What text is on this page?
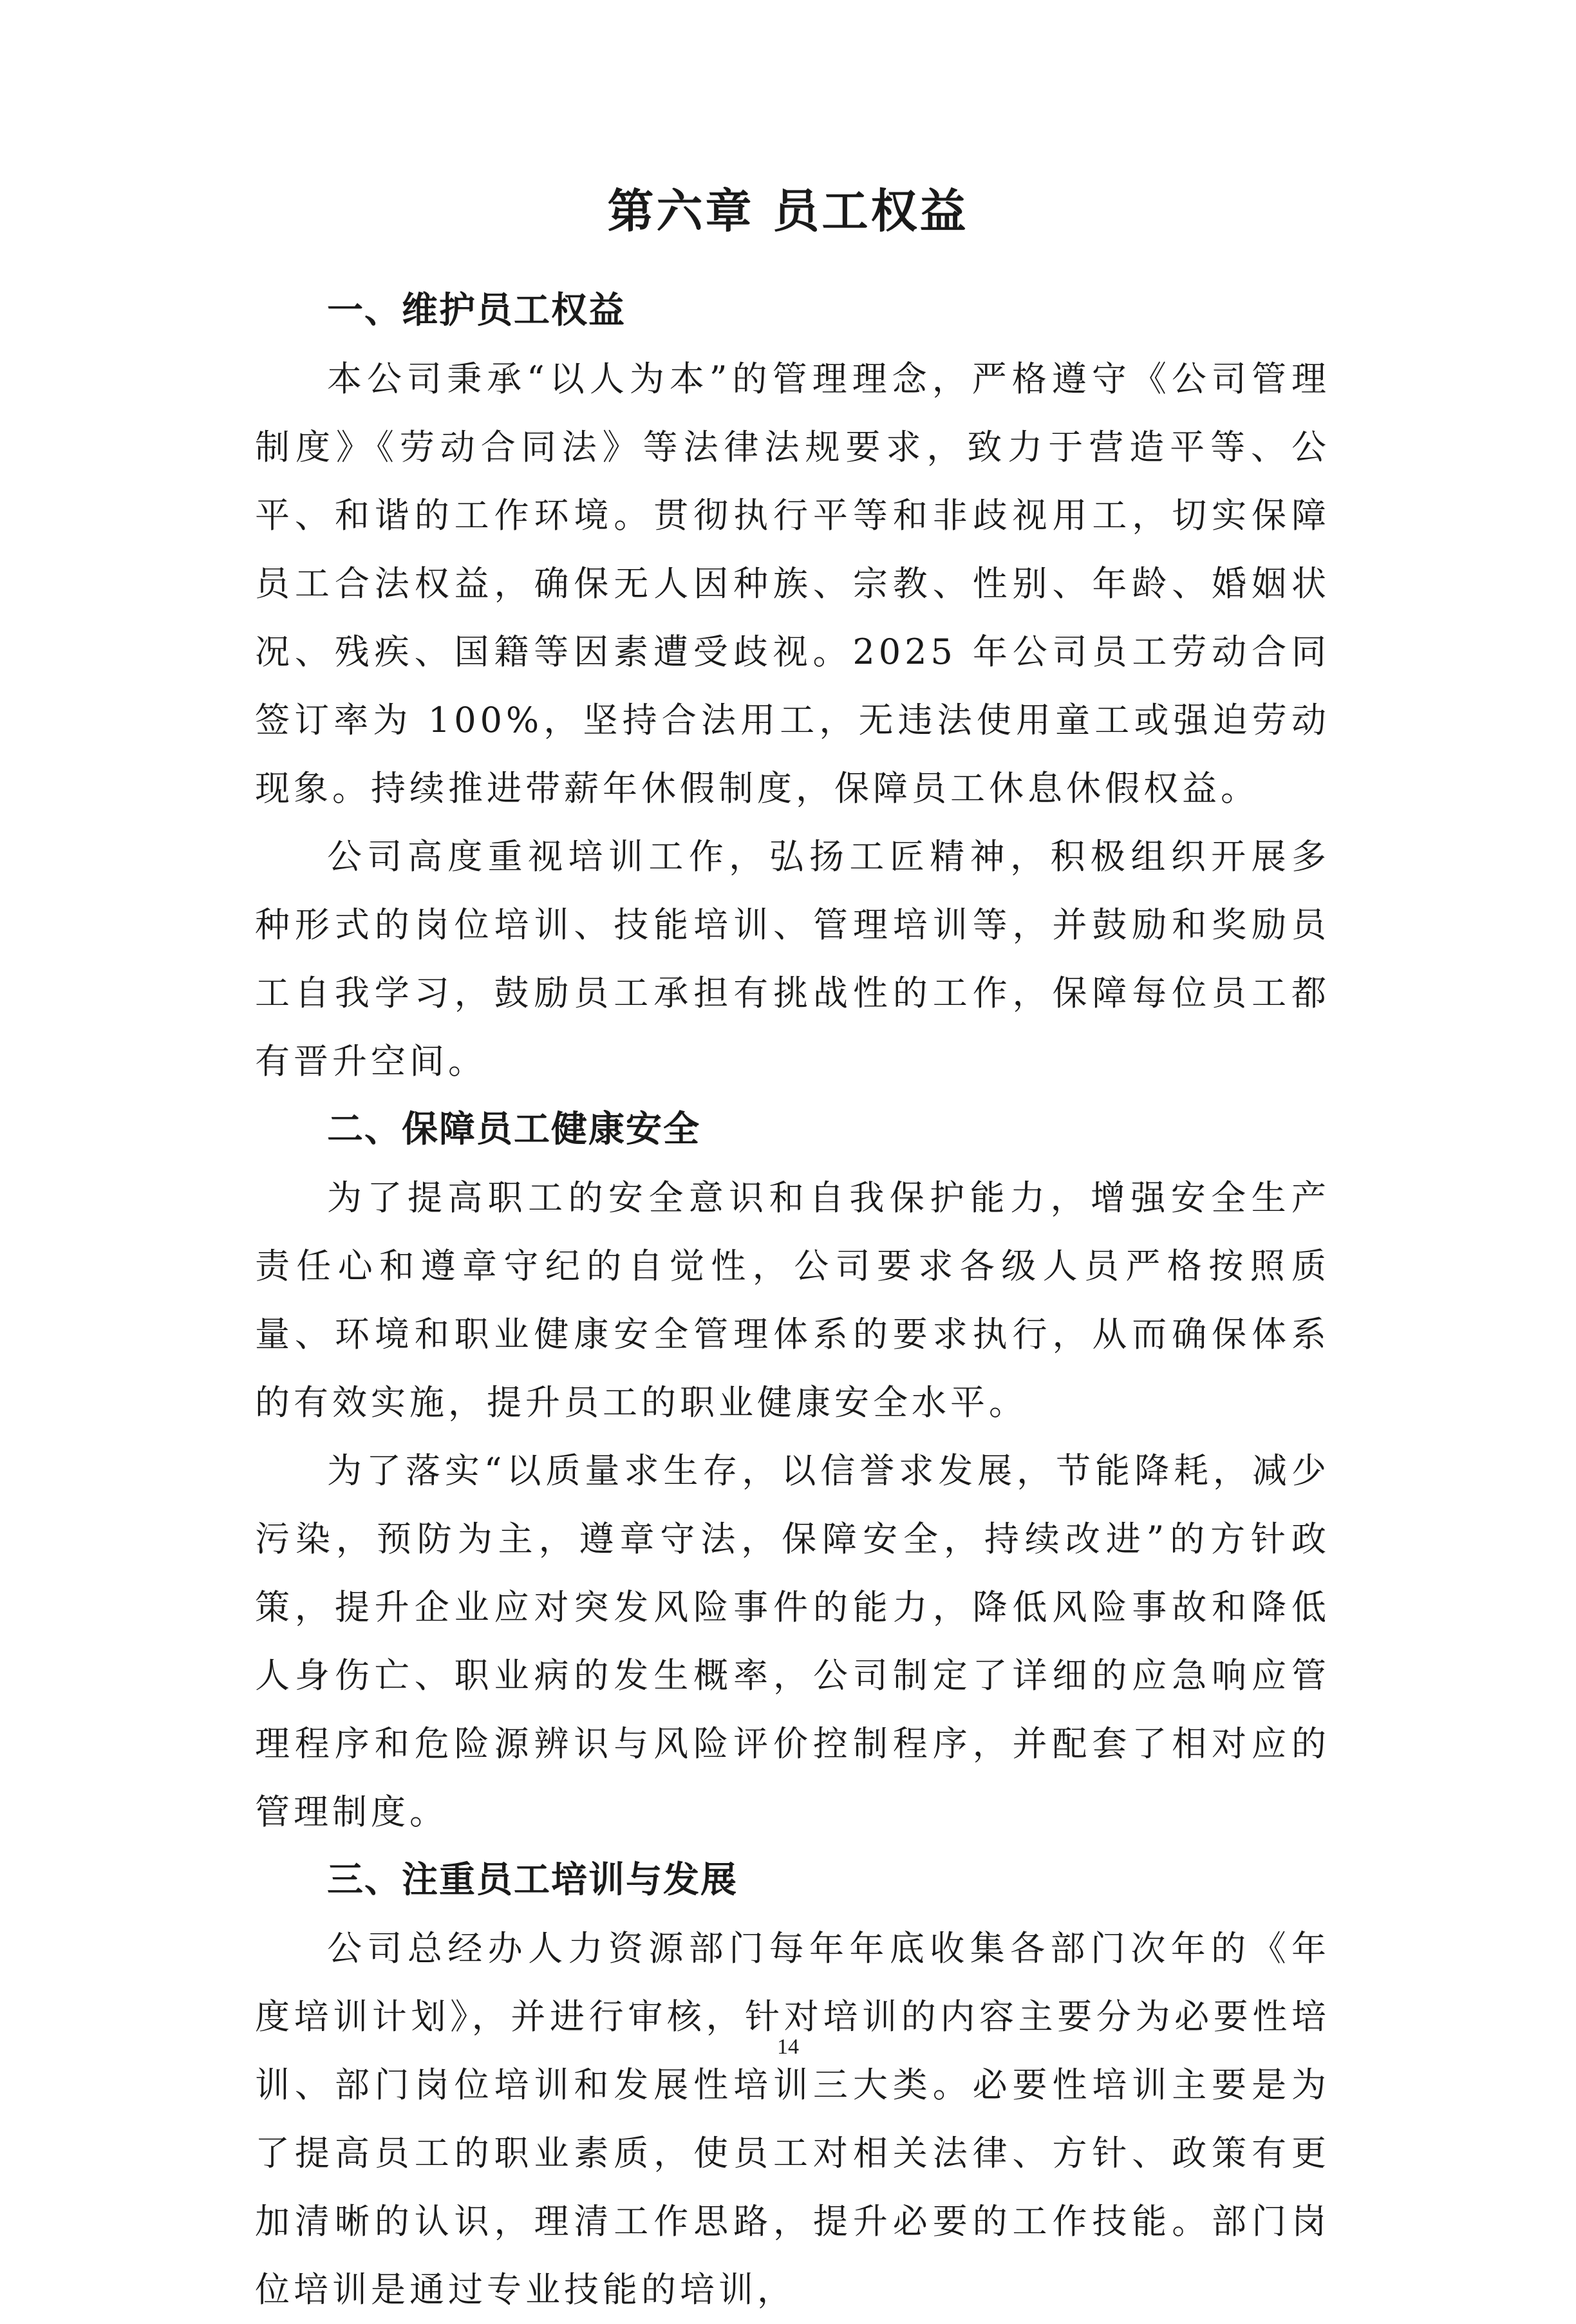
第六章 员工权益
一、维护员工权益

本公司秉承“以人为本”的管理理念，严格遵守《公司管理制度》《劳动合同法》等法律法规要求，致力于营造平等、公平、和谐的工作环境。贯彻执行平等和非歧视用工，切实保障员工合法权益，确保无人因种族、宗教、性别、年龄、婚姻状况、残疾、国籍等因素遭受歧视。2025 年公司员工劳动合同签订率为 100%，坚持合法用工，无违法使用童工或强迫劳动现象。持续推进带薪年休假制度，保障员工休息休假权益。

公司高度重视培训工作，弘扬工匠精神，积极组织开展多种形式的岗位培训、技能培训、管理培训等，并鼓励和奖励员工自我学习，鼓励员工承担有挑战性的工作，保障每位员工都有晋升空间。

二、保障员工健康安全

为了提高职工的安全意识和自我保护能力，增强安全生产责任心和遵章守纪的自觉性，公司要求各级人员严格按照质量、环境和职业健康安全管理体系的要求执行，从而确保体系的有效实施，提升员工的职业健康安全水平。

为了落实“以质量求生存，以信誉求发展，节能降耗，减少污染，预防为主，遵章守法，保障安全，持续改进”的方针政策，提升企业应对突发风险事件的能力，降低风险事故和降低人身伤亡、职业病的发生概率，公司制定了详细的应急响应管理程序和危险源辨识与风险评价控制程序，并配套了相对应的管理制度。

三、注重员工培训与发展

公司总经办人力资源部门每年年底收集各部门次年的《年度培训计划》，并进行审核，针对培训的内容主要分为必要性培训、部门岗位培训和发展性培训三大类。必要性培训主要是为了提高员工的职业素质，使员工对相关法律、方针、政策有更加清晰的认识，理清工作思路，提升必要的工作技能。部门岗位培训是通过专业技能的培训，

14
